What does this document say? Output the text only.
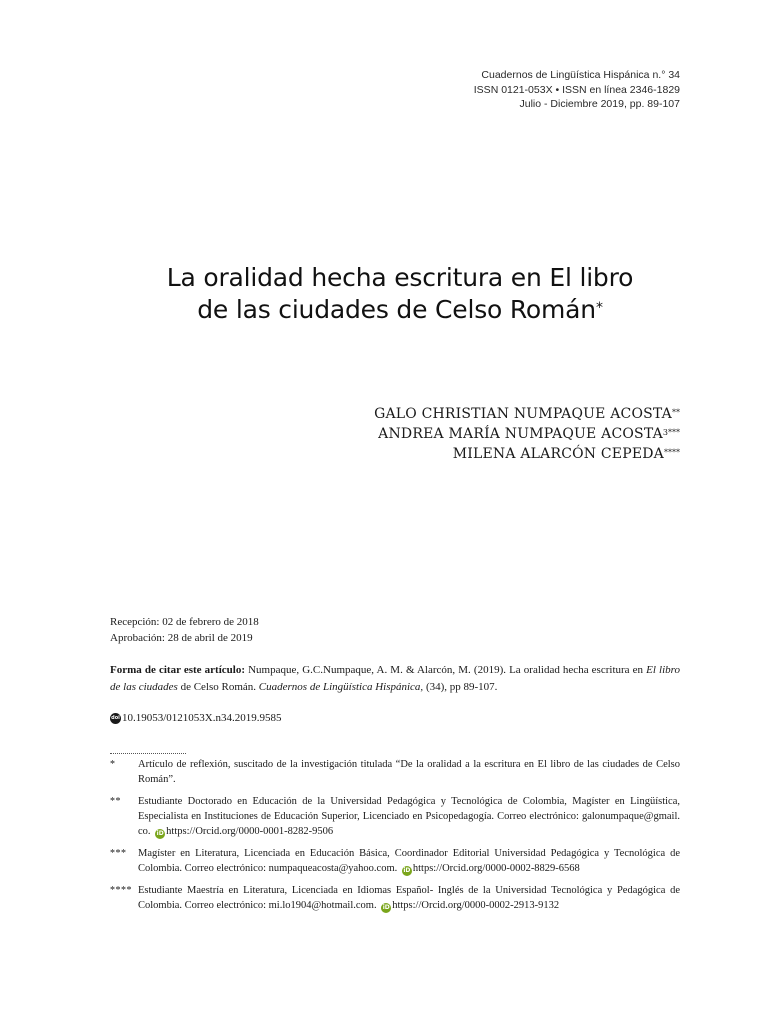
Cuadernos de Lingüística Hispánica n.° 34
ISSN 0121-053X • ISSN en línea 2346-1829
Julio - Diciembre 2019, pp. 89-107
La oralidad hecha escritura en El libro
de las ciudades de Celso Román*
GALO CHRISTIAN NUMPAQUE ACOSTA**
ANDREA MARÍA NUMPAQUE $ACOSTA^{3***}$
MILENA ALARCÓN CEPEDA****
Recepción: 02 de febrero de 2018
Aprobación: 28 de abril de 2019
Forma de citar este artículo: Numpaque, G.C.Numpaque, A. M. & Alarcón, M. (2019). La oralidad hecha escritura en El libro de las ciudades de Celso Román. Cuadernos de Lingüística Hispánica, (34), pp 89-107.
doi 10.19053/0121053X.n34.2019.9585
*	Artículo de reflexión, suscitado de la investigación titulada “De la oralidad a la escritura en El libro de las ciudades de Celso Román”.
**	Estudiante Doctorado en Educación de la Universidad Pedagógica y Tecnológica de Colombia, Magíster en Lingüística, Especialista en Instituciones de Educación Superior, Licenciado en Psicopedagogía. Correo electrónico: galonumpaque@gmail. co. iD https://Orcid.org/0000-0001-8282-9506
***	Magíster en Literatura, Licenciada en Educación Básica, Coordinador Editorial Universidad Pedagógica y Tecnológica de Colombia. Correo electrónico: numpaqueacosta@yahoo.com. iD https://Orcid.org/0000-0002-8829-6568
**** Estudiante Maestría en Literatura, Licenciada en Idiomas Español- Inglés de la Universidad Tecnológica y Pedagógica de Colombia. Correo electrónico: mi.lo1904@hotmail.com. iD https://Orcid.org/0000-0002-2913-9132
